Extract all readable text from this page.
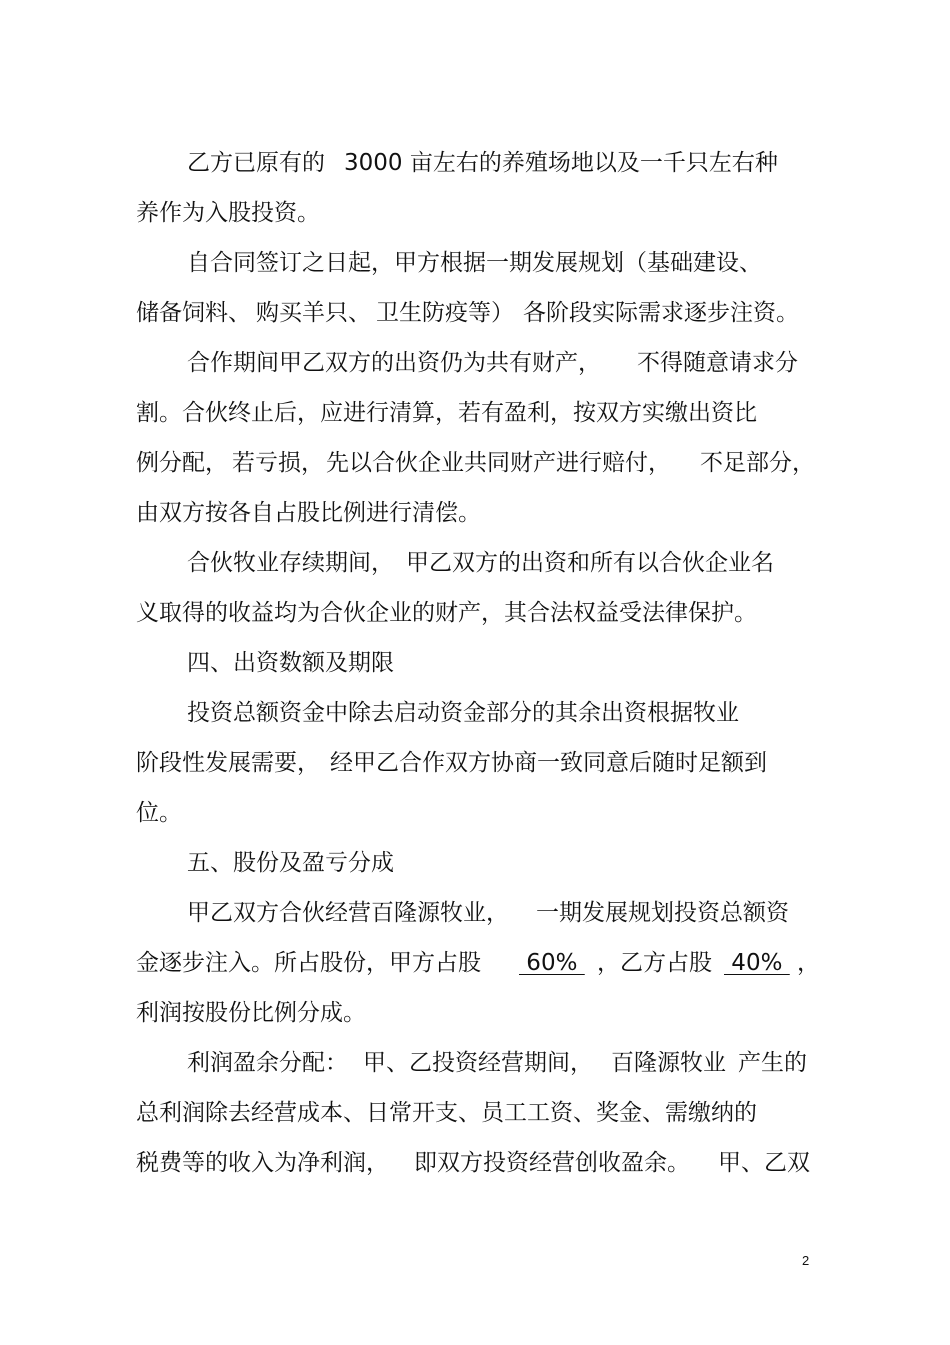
乙方已原有的

3000 亩左右的养殖场地以及一千只左右种

养作为入股投资。

自合同签订之日起，甲方根据一期发展规划（基础建设、

储备饲料、

购买羊只、

卫生防疫等）

各阶段实际需求逐步注资。

合作期间甲乙双方的出资仍为共有财产，

不得随意请求分

割。合伙终止后，应进行清算，若有盈利，按双方实缴出资比

例分配，

若亏损，

先以合伙企业共同财产进行赔付，

不足部分，

由双方按各自占股比例进行清偿。

合伙牧业存续期间，

甲乙双方的出资和所有以合伙企业名

义取得的收益均为合伙企业的财产，其合法权益受法律保护。

四、出资数额及期限

投资总额资金中除去启动资金部分的其余出资根据牧业

阶段性发展需要，

经甲乙合作双方协商一致同意后随时足额到

位。

五、股份及盈亏分成

甲乙双方合伙经营百隆源牧业，

一期发展规划投资总额资

金逐步注入。所占股份，甲方占股

60%

，乙方占股

40%

，

利润按股份比例分成。

利润盈余分配：

甲、乙投资经营期间，

百隆源牧业

产生的

总利润除去经营成本、日常开支、员工工资、奖金、需缴纳的

税费等的收入为净利润，

即双方投资经营创收盈余。

甲、乙双

2
